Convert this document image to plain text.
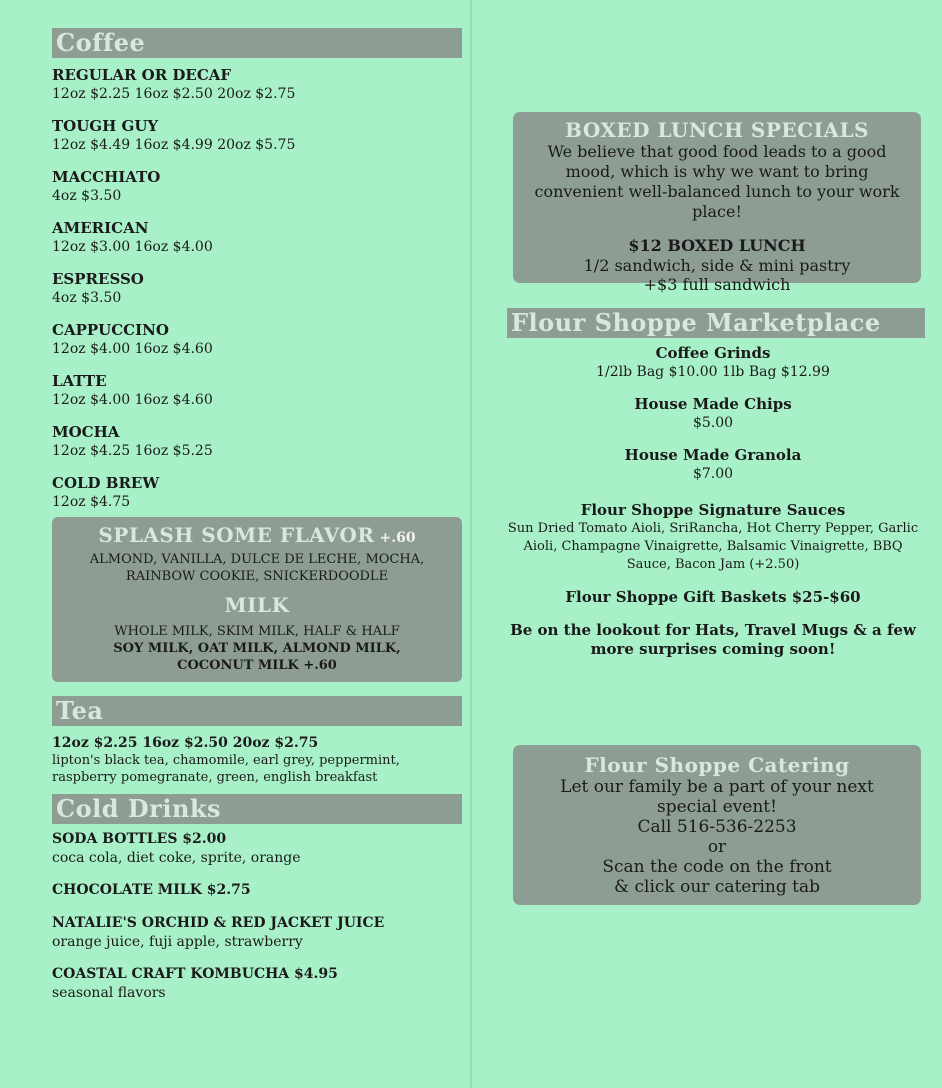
Coffee
REGULAR OR DECAF
12oz $2.25 16oz $2.50 20oz $2.75
TOUGH GUY
12oz $4.49 16oz $4.99 20oz $5.75
MACCHIATO
4oz $3.50
AMERICAN
12oz $3.00 16oz $4.00
ESPRESSO
4oz $3.50
CAPPUCCINO
12oz $4.00 16oz $4.60
LATTE
12oz $4.00 16oz $4.60
MOCHA
12oz $4.25 16oz $5.25
COLD BREW
12oz $4.75
SPLASH SOME FLAVOR +.60
ALMOND, VANILLA, DULCE DE LECHE, MOCHA, RAINBOW COOKIE, SNICKERDOODLE
MILK
WHOLE MILK, SKIM MILK, HALF & HALF
SOY MILK, OAT MILK, ALMOND MILK, COCONUT MILK +.60
Tea
12oz $2.25 16oz $2.50 20oz $2.75
lipton's black tea, chamomile, earl grey, peppermint, raspberry pomegranate, green, english breakfast
Cold Drinks
SODA BOTTLES $2.00
coca cola, diet coke, sprite, orange
CHOCOLATE MILK $2.75
NATALIE'S ORCHID & RED JACKET JUICE
orange juice, fuji apple, strawberry
COASTAL CRAFT KOMBUCHA $4.95
seasonal flavors
BOXED LUNCH SPECIALS
We believe that good food leads to a good mood, which is why we want to bring convenient well-balanced lunch to your work place!
$12 BOXED LUNCH
1/2 sandwich, side & mini pastry
+$3 full sandwich
Flour Shoppe Marketplace
Coffee Grinds
1/2lb Bag $10.00 1lb Bag $12.99
House Made Chips
$5.00
House Made Granola
$7.00
Flour Shoppe Signature Sauces
Sun Dried Tomato Aioli, SriRancha, Hot Cherry Pepper, Garlic Aioli, Champagne Vinaigrette, Balsamic Vinaigrette, BBQ Sauce, Bacon Jam (+2.50)
Flour Shoppe Gift Baskets $25-$60
Be on the lookout for Hats, Travel Mugs & a few more surprises coming soon!
Flour Shoppe Catering
Let our family be a part of your next special event!
Call 516-536-2253
or
Scan the code on the front
& click our catering tab
